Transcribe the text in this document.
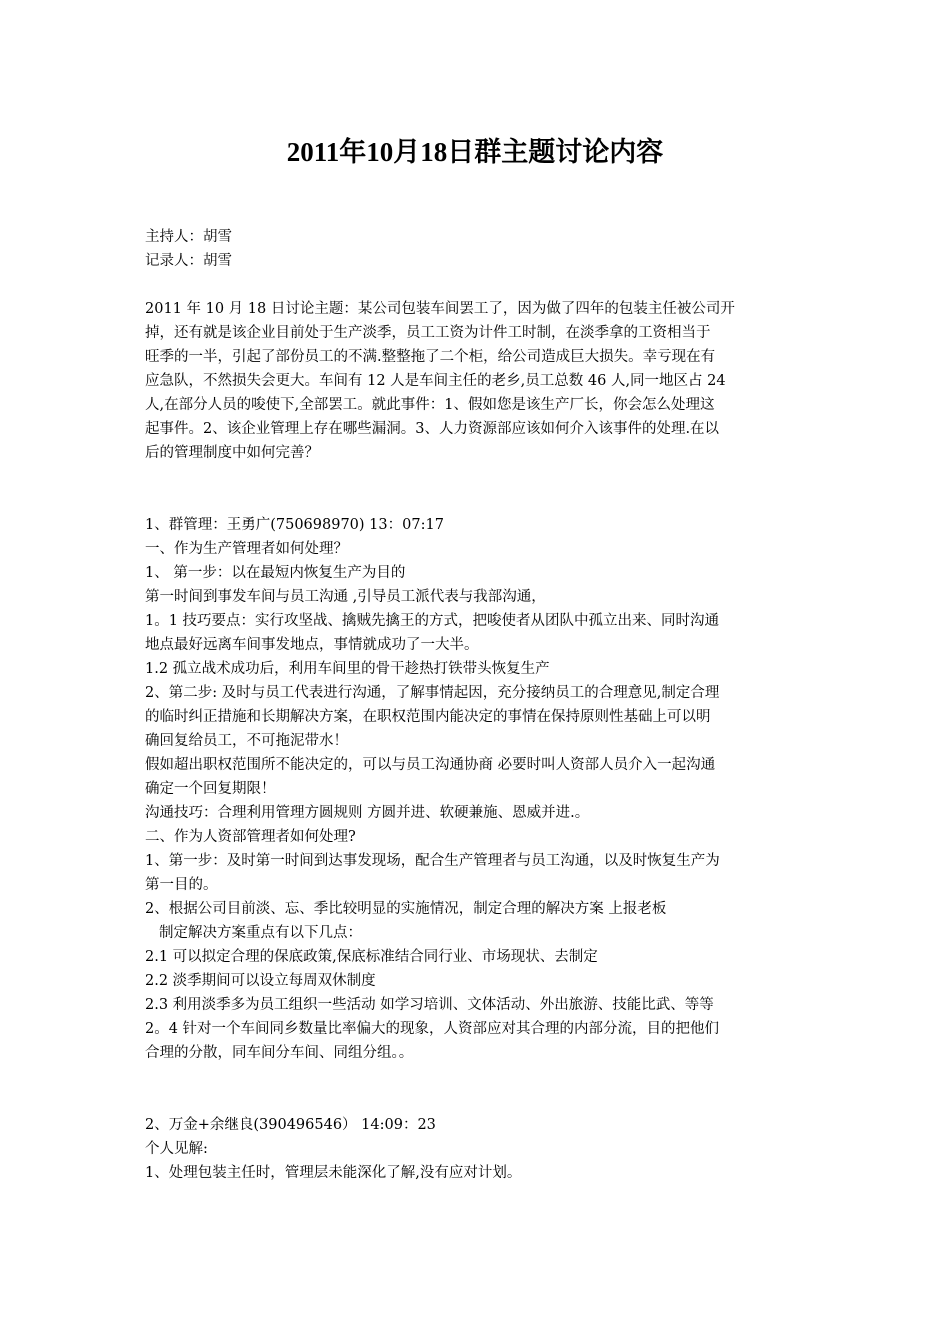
2011年10月18日群主题讨论内容

主持人：胡雪

记录人：胡雪

2011 年 10 月 18 日讨论主题：某公司包装车间罢工了，因为做了四年的包装主任被公司开

掉，还有就是该企业目前处于生产淡季，员工工资为计件工时制，在淡季拿的工资相当于

旺季的一半，引起了部份员工的不满.整整拖了二个柜，给公司造成巨大损失。幸亏现在有

应急队，不然损失会更大。车间有 12 人是车间主任的老乡,员工总数 46 人,同一地区占 24

人,在部分人员的唆使下,全部罢工。就此事件：1、假如您是该生产厂长，你会怎么处理这

起事件。2、该企业管理上存在哪些漏洞。3、人力资源部应该如何介入该事件的处理.在以

后的管理制度中如何完善？

1、群管理：王勇广(750698970) 13：07:17

一、作为生产管理者如何处理？

1、 第一步：以在最短内恢复生产为目的

第一时间到事发车间与员工沟通 ,引导员工派代表与我部沟通，

1。1 技巧要点：实行攻坚战、擒贼先擒王的方式，把唆使者从团队中孤立出来、同时沟通

地点最好远离车间事发地点，事情就成功了一大半。

1.2 孤立战术成功后，利用车间里的骨干趁热打铁带头恢复生产

2、第二步: 及时与员工代表进行沟通，了解事情起因，充分接纳员工的合理意见,制定合理

的临时纠正措施和长期解决方案，在职权范围内能决定的事情在保持原则性基础上可以明

确回复给员工，不可拖泥带水！

假如超出职权范围所不能决定的，可以与员工沟通协商 必要时叫人资部人员介入一起沟通

确定一个回复期限！

沟通技巧：合理利用管理方圆规则 方圆并进、软硬兼施、恩威并进.。

二、作为人资部管理者如何处理?

1、第一步：及时第一时间到达事发现场，配合生产管理者与员工沟通，以及时恢复生产为

第一目的。

2、根据公司目前淡、忘、季比较明显的实施情况，制定合理的解决方案 上报老板

制定解决方案重点有以下几点：

2.1 可以拟定合理的保底政策,保底标准结合同行业、市场现状、去制定

2.2 淡季期间可以设立每周双休制度

2.3 利用淡季多为员工组织一些活动 如学习培训、文体活动、外出旅游、技能比武、等等

2。4 针对一个车间同乡数量比率偏大的现象，人资部应对其合理的内部分流，目的把他们

合理的分散，同车间分车间、同组分组。。

2、万金+余继良(390496546） 14:09：23

个人见解:

1、处理包装主任时，管理层未能深化了解,没有应对计划。
